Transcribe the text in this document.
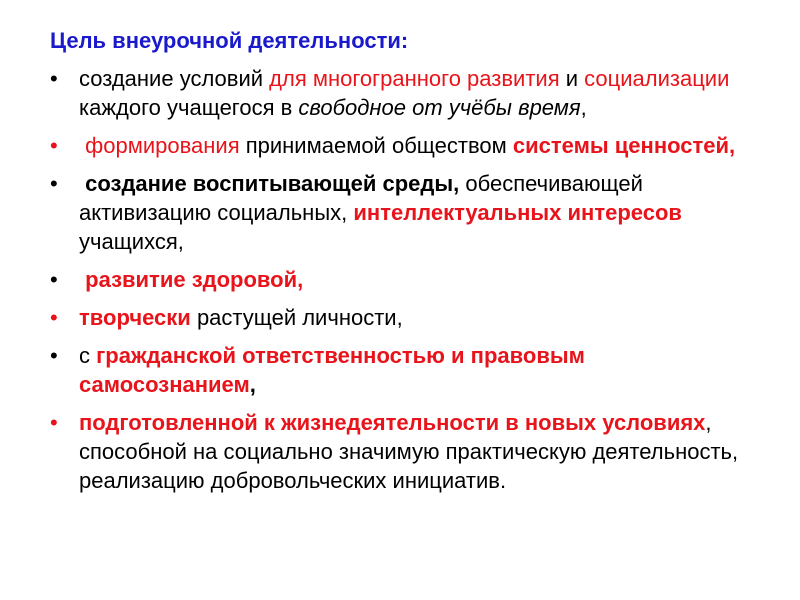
Цель внеурочной деятельности:
• создание условий для многогранного развития и социализации каждого учащегося в свободное от учёбы время,
• формирования принимаемой обществом системы ценностей,
• создание воспитывающей среды, обеспечивающей активизацию социальных, интеллектуальных интересов учащихся,
• развитие здоровой,
• творчески растущей личности,
• с гражданской ответственностью и правовым самосознанием,
• подготовленной к жизнедеятельности в новых условиях, способной на социально значимую практическую деятельность, реализацию добровольческих инициатив.
